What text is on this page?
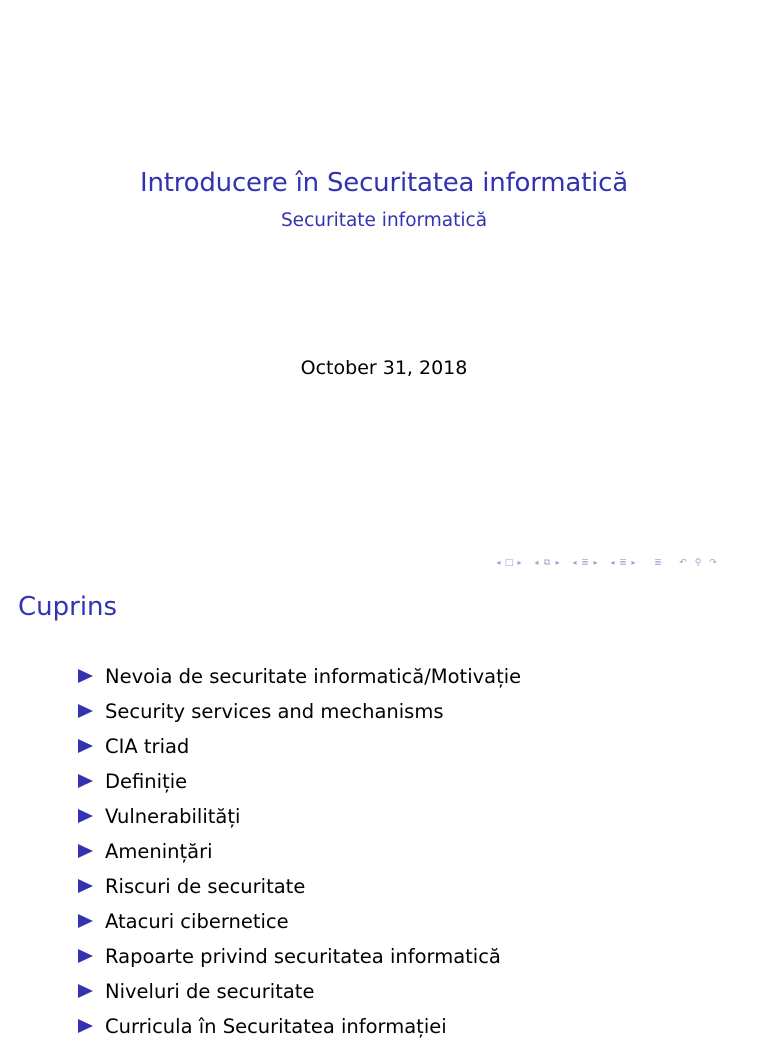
Introducere în Securitatea informatică
Securitate informatică
October 31, 2018
◂ □ ▸	◂ ⧉ ▸	◂ ≣ ▸	◂ ≣ ▸ ≣ ↶ ⚲ ↷
Cuprins
Nevoia de securitate informatică/Motivație
Security services and mechanisms
CIA triad
Definiție
Vulnerabilități
Amenințări
Riscuri de securitate
Atacuri cibernetice
Rapoarte privind securitatea informatică
Niveluri de securitate
Curricula în Securitatea informației
